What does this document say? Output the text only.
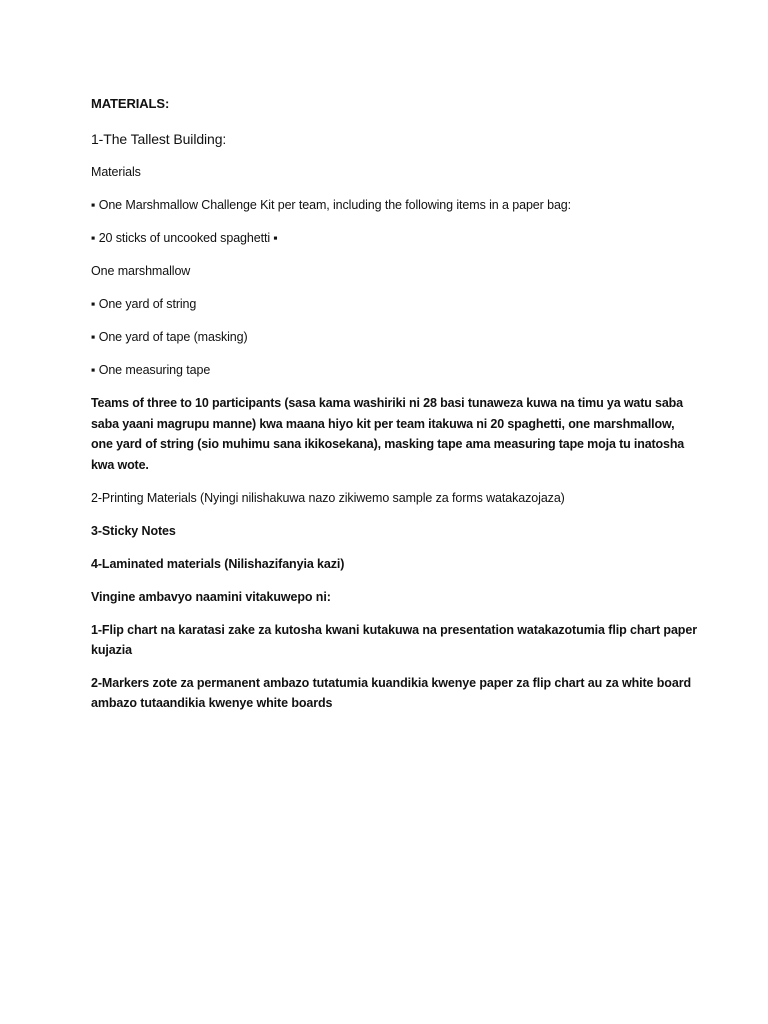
MATERIALS:
1-The Tallest Building:
Materials
▪ One Marshmallow Challenge Kit per team, including the following items in a paper bag:
▪ 20 sticks of uncooked spaghetti ▪
One marshmallow
▪ One yard of string
▪ One yard of tape (masking)
▪ One measuring tape
Teams of three to 10 participants (sasa kama washiriki ni 28 basi tunaweza kuwa na timu ya watu saba
saba yaani magrupu manne) kwa maana hiyo kit per team itakuwa ni 20 spaghetti, one marshmallow,
one yard of string (sio muhimu sana ikikosekana), masking tape ama measuring tape moja tu inatosha
kwa wote.
2-Printing Materials (Nyingi nilishakuwa nazo zikiwemo sample za forms watakazojaza)
3-Sticky Notes
4-Laminated materials (Nilishazifanyia kazi)
Vingine ambavyo naamini vitakuwepo ni:
1-Flip chart na karatasi zake za kutosha kwani kutakuwa na presentation watakazotumia flip chart paper
kujazia
2-Markers zote za permanent ambazo tutatumia kuandikia kwenye paper za flip chart au za white board
ambazo tutaandikia kwenye white boards
